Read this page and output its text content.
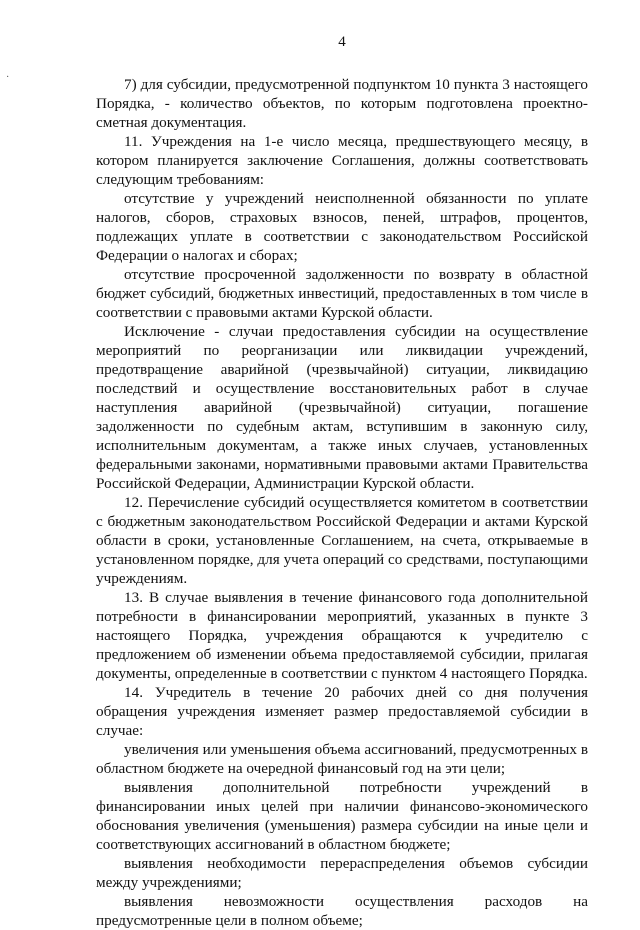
·
4

7) для субсидии, предусмотренной подпунктом 10 пункта 3 настоящего Порядка, - количество объектов, по которым подготовлена проектно-сметная документация.

11. Учреждения на 1-е число месяца, предшествующего месяцу, в котором планируется заключение Соглашения, должны соответствовать следующим требованиям:

отсутствие у учреждений неисполненной обязанности по уплате налогов, сборов, страховых взносов, пеней, штрафов, процентов, подлежащих уплате в соответствии с законодательством Российской Федерации о налогах и сборах;

отсутствие просроченной задолженности по возврату в областной бюджет субсидий, бюджетных инвестиций, предоставленных в том числе в соответствии с правовыми актами Курской области.

Исключение - случаи предоставления субсидии на осуществление мероприятий по реорганизации или ликвидации учреждений, предотвращение аварийной (чрезвычайной) ситуации, ликвидацию последствий и осуществление восстановительных работ в случае наступления аварийной (чрезвычайной) ситуации, погашение задолженности по судебным актам, вступившим в законную силу, исполнительным документам, а также иных случаев, установленных федеральными законами, нормативными правовыми актами Правительства Российской Федерации, Администрации Курской области.

12. Перечисление субсидий осуществляется комитетом в соответствии с бюджетным законодательством Российской Федерации и актами Курской области в сроки, установленные Соглашением, на счета, открываемые в установленном порядке, для учета операций со средствами, поступающими учреждениям.

13. В случае выявления в течение финансового года дополнительной потребности в финансировании мероприятий, указанных в пункте 3 настоящего Порядка, учреждения обращаются к учредителю с предложением об изменении объема предоставляемой субсидии, прилагая документы, определенные в соответствии с пунктом 4 настоящего Порядка.

14. Учредитель в течение 20 рабочих дней со дня получения обращения учреждения изменяет размер предоставляемой субсидии в случае:

увеличения или уменьшения объема ассигнований, предусмотренных в областном бюджете на очередной финансовый год на эти цели;

выявления дополнительной потребности учреждений в финансировании иных целей при наличии финансово-экономического обоснования увеличения (уменьшения) размера субсидии на иные цели и соответствующих ассигнований в областном бюджете;

выявления необходимости перераспределения объемов субсидии между учреждениями;

выявления невозможности осуществления расходов на предусмотренные цели в полном объеме;
